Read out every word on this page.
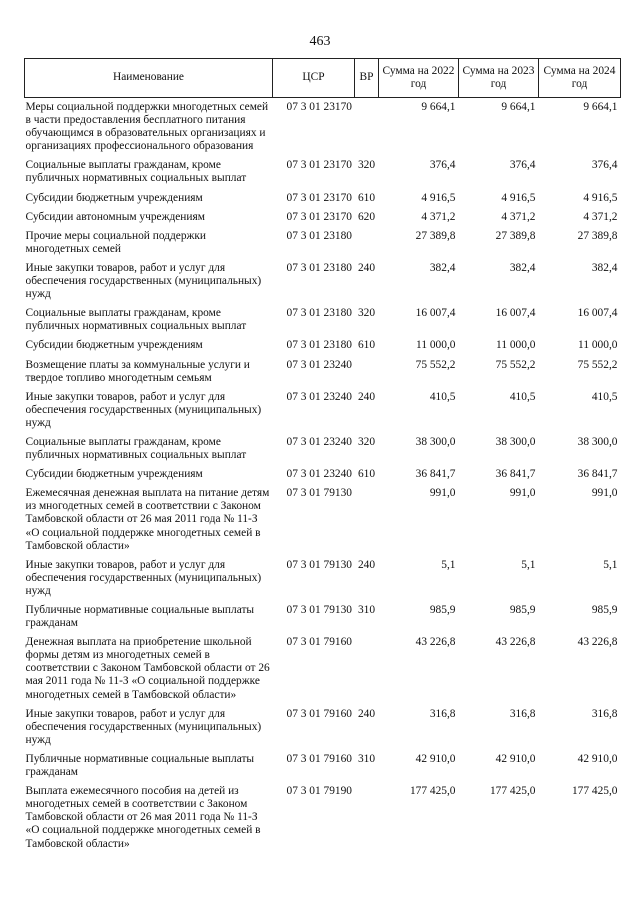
463
Наименование	ЦСР	ВР	Сумма на 2022 год	Сумма на 2023 год	Сумма на 2024 год
Меры социальной поддержки многодетных семей в части предоставления бесплатного питания обучающимся в образовательных организациях и организациях профессионального образования	07 3 01 23170		9 664,1	9 664,1	9 664,1
Социальные выплаты гражданам, кроме публичных нормативных социальных выплат	07 3 01 23170	320	376,4	376,4	376,4
Субсидии бюджетным учреждениям	07 3 01 23170	610	4 916,5	4 916,5	4 916,5
Субсидии автономным учреждениям	07 3 01 23170	620	4 371,2	4 371,2	4 371,2
Прочие меры социальной поддержки многодетных семей	07 3 01 23180		27 389,8	27 389,8	27 389,8
Иные закупки товаров, работ и услуг для обеспечения государственных (муниципальных) нужд	07 3 01 23180	240	382,4	382,4	382,4
Социальные выплаты гражданам, кроме публичных нормативных социальных выплат	07 3 01 23180	320	16 007,4	16 007,4	16 007,4
Субсидии бюджетным учреждениям	07 3 01 23180	610	11 000,0	11 000,0	11 000,0
Возмещение платы за коммунальные услуги и твердое топливо многодетным семьям	07 3 01 23240		75 552,2	75 552,2	75 552,2
Иные закупки товаров, работ и услуг для обеспечения государственных (муниципальных) нужд	07 3 01 23240	240	410,5	410,5	410,5
Социальные выплаты гражданам, кроме публичных нормативных социальных выплат	07 3 01 23240	320	38 300,0	38 300,0	38 300,0
Субсидии бюджетным учреждениям	07 3 01 23240	610	36 841,7	36 841,7	36 841,7
Ежемесячная денежная выплата на питание детям из многодетных семей в соответствии с Законом Тамбовской области от 26 мая 2011 года № 11-З «О социальной поддержке многодетных семей в Тамбовской области»	07 3 01 79130		991,0	991,0	991,0
Иные закупки товаров, работ и услуг для обеспечения государственных (муниципальных) нужд	07 3 01 79130	240	5,1	5,1	5,1
Публичные нормативные социальные выплаты гражданам	07 3 01 79130	310	985,9	985,9	985,9
Денежная выплата на приобретение школьной формы детям из многодетных семей в соответствии с Законом Тамбовской области от 26 мая 2011 года № 11-З «О социальной поддержке многодетных семей в Тамбовской области»	07 3 01 79160		43 226,8	43 226,8	43 226,8
Иные закупки товаров, работ и услуг для обеспечения государственных (муниципальных) нужд	07 3 01 79160	240	316,8	316,8	316,8
Публичные нормативные социальные выплаты гражданам	07 3 01 79160	310	42 910,0	42 910,0	42 910,0
Выплата ежемесячного пособия на детей из многодетных семей в соответствии с Законом Тамбовской области от 26 мая 2011 года № 11-З «О социальной поддержке многодетных семей в Тамбовской области»	07 3 01 79190		177 425,0	177 425,0	177 425,0
